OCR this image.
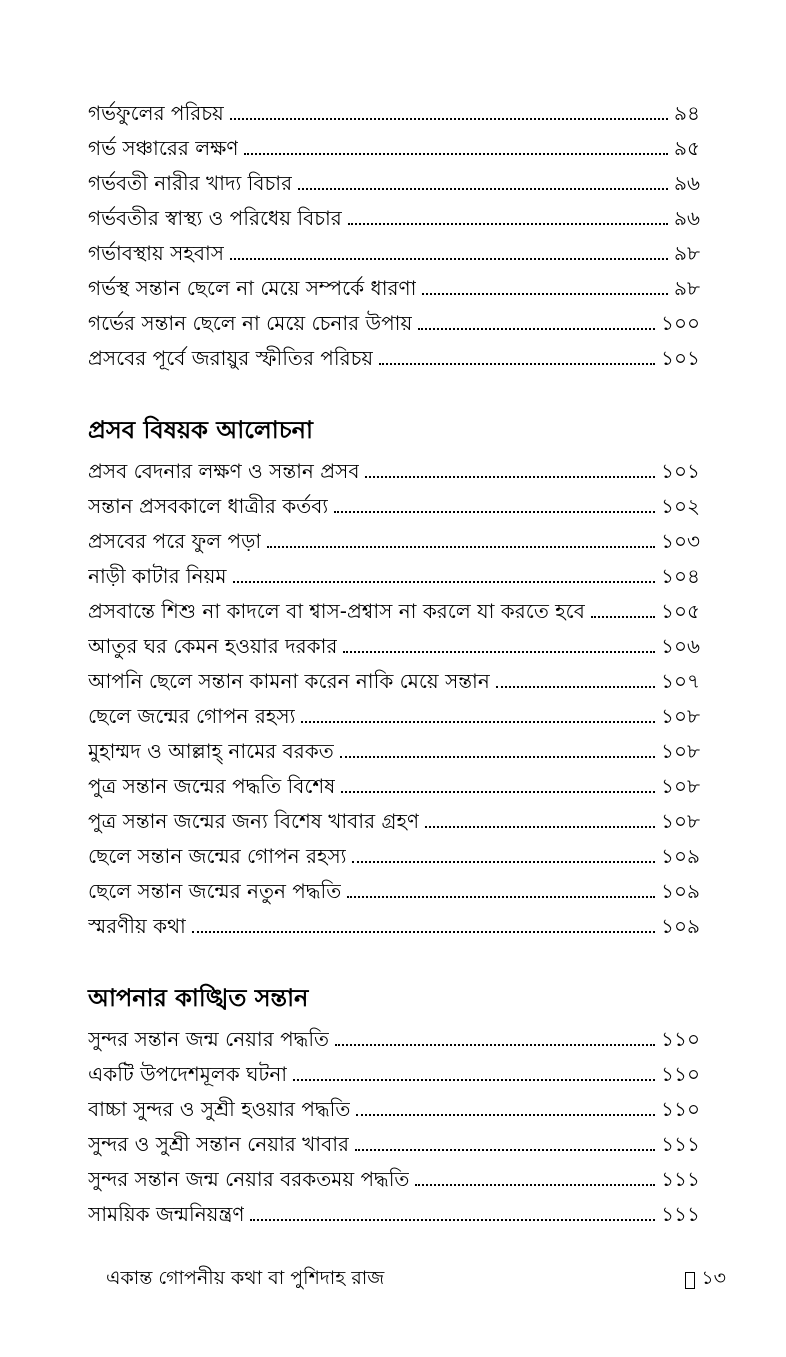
গর্ভফুলের পরিচয়	৯৪
গর্ভ সঞ্চারের লক্ষণ	৯৫
গর্ভবতী নারীর খাদ্য বিচার	৯৬
গর্ভবতীর স্বাস্থ্য ও পরিধেয় বিচার	৯৬
গর্ভাবস্থায় সহবাস	৯৮
গর্ভস্থ সন্তান ছেলে না মেয়ে সম্পর্কে ধারণা	৯৮
গর্ভের সন্তান ছেলে না মেয়ে চেনার উপায়	১০০
প্রসবের পূর্বে জরায়ুর স্ফীতির পরিচয়	১০১
প্রসব বিষয়ক আলোচনা
প্রসব বেদনার লক্ষণ ও সন্তান প্রসব	১০১
সন্তান প্রসবকালে ধাত্রীর কর্তব্য	১০২
প্রসবের পরে ফুল পড়া	১০৩
নাড়ী কাটার নিয়ম	১০৪
প্রসবান্তে শিশু না কাদলে বা শ্বাস-প্রশ্বাস না করলে যা করতে হবে	১০৫
আতুর ঘর কেমন হওয়ার দরকার	১০৬
আপনি ছেলে সন্তান কামনা করেন নাকি মেয়ে সন্তান	১০৭
ছেলে জন্মের গোপন রহস্য	১০৮
মুহাম্মদ ও আল্লাহ্ নামের বরকত	১০৮
পুত্র সন্তান জন্মের পদ্ধতি বিশেষ	১০৮
পুত্র সন্তান জন্মের জন্য বিশেষ খাবার গ্রহণ	১০৮
ছেলে সন্তান জন্মের গোপন রহস্য	১০৯
ছেলে সন্তান জন্মের নতুন পদ্ধতি	১০৯
স্মরণীয় কথা	১০৯
আপনার কাঙ্খিত সন্তান
সুন্দর সন্তান জন্ম নেয়ার পদ্ধতি	১১০
একটি উপদেশমূলক ঘটনা	১১০
বাচ্চা সুন্দর ও সুশ্রী হওয়ার পদ্ধতি	১১০
সুন্দর ও সুশ্রী সন্তান নেয়ার খাবার	১১১
সুন্দর সন্তান জন্ম নেয়ার বরকতময় পদ্ধতি	১১১
সাময়িক জন্মনিয়ন্ত্রণ	১১১
একান্ত গোপনীয় কথা বা পুশিদাহ রাজ	১৩
